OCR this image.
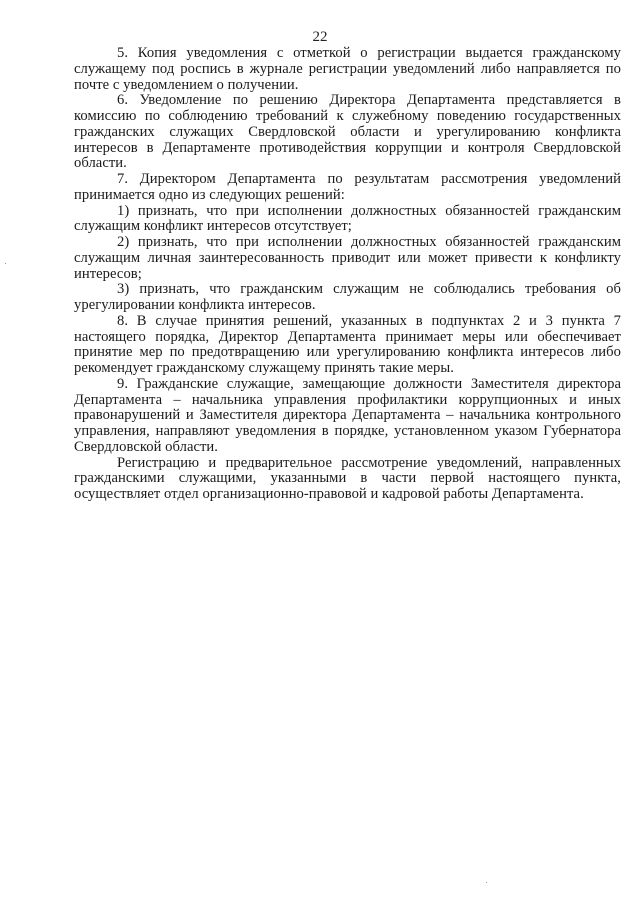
22

5. Копия уведомления с отметкой о регистрации выдается гражданскому служащему под роспись в журнале регистрации уведомлений либо направляется по почте с уведомлением о получении.

6. Уведомление по решению Директора Департамента представляется в комиссию по соблюдению требований к служебному поведению государственных гражданских служащих Свердловской области и урегулированию конфликта интересов в Департаменте противодействия коррупции и контроля Свердловской области.

7. Директором Департамента по результатам рассмотрения уведомлений принимается одно из следующих решений:

1) признать, что при исполнении должностных обязанностей гражданским служащим конфликт интересов отсутствует;

2) признать, что при исполнении должностных обязанностей гражданским служащим личная заинтересованность приводит или может привести к конфликту интересов;

3) признать, что гражданским служащим не соблюдались требования об урегулировании конфликта интересов.

8. В случае принятия решений, указанных в подпунктах 2 и 3 пункта 7 настоящего порядка, Директор Департамента принимает меры или обеспечивает принятие мер по предотвращению или урегулированию конфликта интересов либо рекомендует гражданскому служащему принять такие меры.

9. Гражданские служащие, замещающие должности Заместителя директора Департамента – начальника управления профилактики коррупционных и иных правонарушений и Заместителя директора Департамента – начальника контрольного управления, направляют уведомления в порядке, установленном указом Губернатора Свердловской области.

Регистрацию и предварительное рассмотрение уведомлений, направленных гражданскими служащими, указанными в части первой настоящего пункта, осуществляет отдел организационно-правовой и кадровой работы Департамента.
